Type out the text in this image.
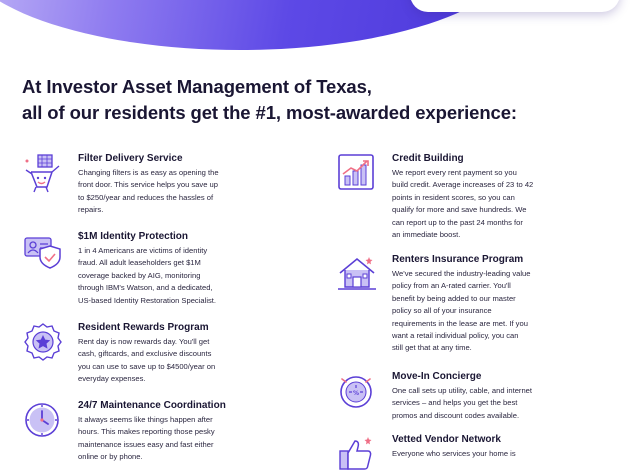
At Investor Asset Management of Texas,
all of our residents get the #1, most-awarded experience:
Filter Delivery Service
Changing filters is as easy as opening the
front door. This service helps you save up
to $250/year and reduces the hassles of
repairs.
$1M Identity Protection
1 in 4 Americans are victims of identity
fraud. All adult leaseholders get $1M
coverage backed by AIG, monitoring
through IBM's Watson, and a dedicated,
US-based Identity Restoration Specialist.
Resident Rewards Program
Rent day is now rewards day. You'll get
cash, giftcards, and exclusive discounts
you can use to save up to $4500/year on
everyday expenses.
24/7 Maintenance Coordination
It always seems like things happen after
hours. This makes reporting those pesky
maintenance issues easy and fast either
online or by phone.
Credit Building
We report every rent payment so you
build credit. Average increases of 23 to 42
points in resident scores, so you can
qualify for more and save hundreds. We
can report up to the past 24 months for
an immediate boost.
Renters Insurance Program
We've secured the industry-leading value
policy from an A-rated carrier. You'll
benefit by being added to our master
policy so all of your insurance
requirements in the lease are met. If you
want a retail individual policy, you can
still get that at any time.
%
Move-In Concierge
One call sets up utility, cable, and internet
services – and helps you get the best
promos and discount codes available.
Vetted Vendor Network
Everyone who services your home is
